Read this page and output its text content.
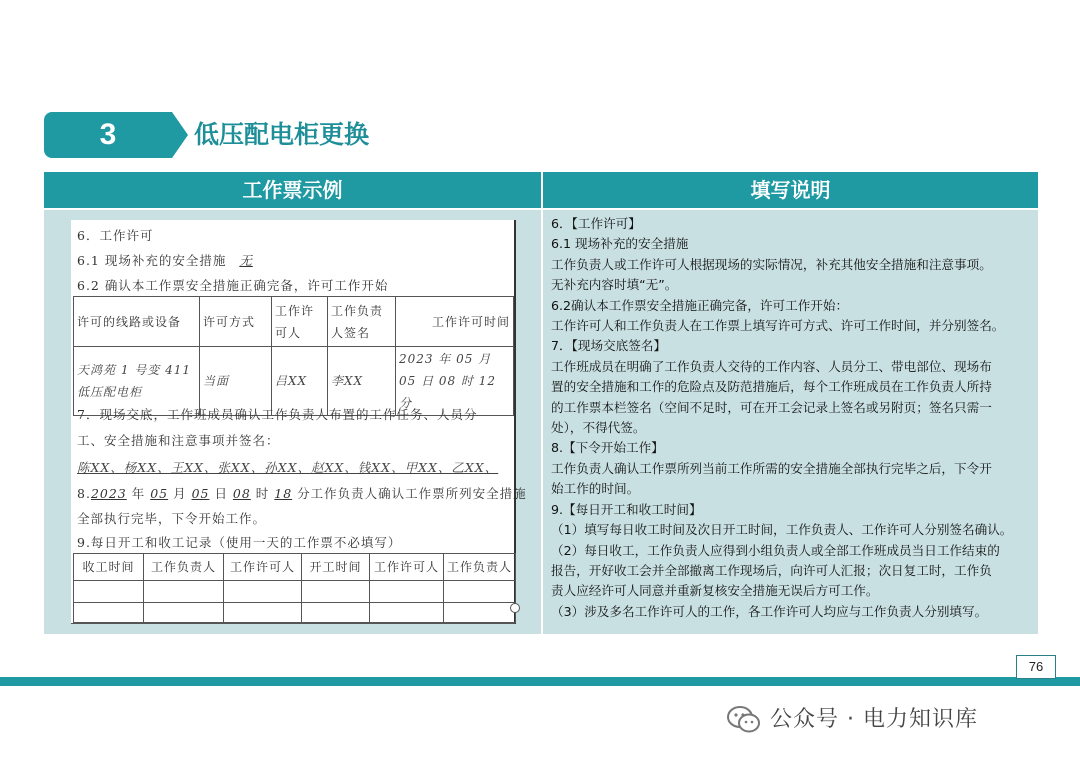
3	低压配电柜更换
工作票示例	填写说明
6．工作许可
6.1 现场补充的安全措施 无
6.2 确认本工作票安全措施正确完备，许可工作开始
许可的线路或设备	许可方式	工作许可人	工作负责人签名	工作许可时间
天鸿苑 1 号变 411 低压配电柜	当面	吕XX	李XX	2023 年 05 月 05 日 08 时 12 分
7．现场交底，工作班成员确认工作负责人布置的工作任务、人员分
工、安全措施和注意事项并签名：
陈XX、杨XX、王XX、张XX、孙XX、赵XX、钱XX、甲XX、乙XX、
8.2023 年 05 月 05 日 08 时 18 分工作负责人确认工作票所列安全措施
全部执行完毕，下令开始工作。
9.每日开工和收工记录（使用一天的工作票不必填写）
收工时间	工作负责人	工作许可人	开工时间	工作许可人	工作负责人

6．【工作许可】

6.1 现场补充的安全措施

工作负责人或工作许可人根据现场的实际情况，补充其他安全措施和注意事项。

无补充内容时填“无”。

6.2确认本工作票安全措施正确完备，许可工作开始：

工作许可人和工作负责人在工作票上填写许可方式、许可工作时间，并分别签名。

7．【现场交底签名】

工作班成员在明确了工作负责人交待的工作内容、人员分工、带电部位、现场布

置的安全措施和工作的危险点及防范措施后，每个工作班成员在工作负责人所持

的工作票本栏签名（空间不足时，可在开工会记录上签名或另附页；签名只需一

处），不得代签。

8.【下令开始工作】

工作负责人确认工作票所列当前工作所需的安全措施全部执行完毕之后，下令开

始工作的时间。

9.【每日开工和收工时间】

（1）填写每日收工时间及次日开工时间，工作负责人、工作许可人分别签名确认。

（2）每日收工，工作负责人应得到小组负责人或全部工作班成员当日工作结束的

报告，开好收工会并全部撤离工作现场后，向许可人汇报；次日复工时，工作负

责人应经许可人同意并重新复核安全措施无误后方可工作。

（3）涉及多名工作许可人的工作，各工作许可人均应与工作负责人分别填写。

76
公众号 · 电力知识库
